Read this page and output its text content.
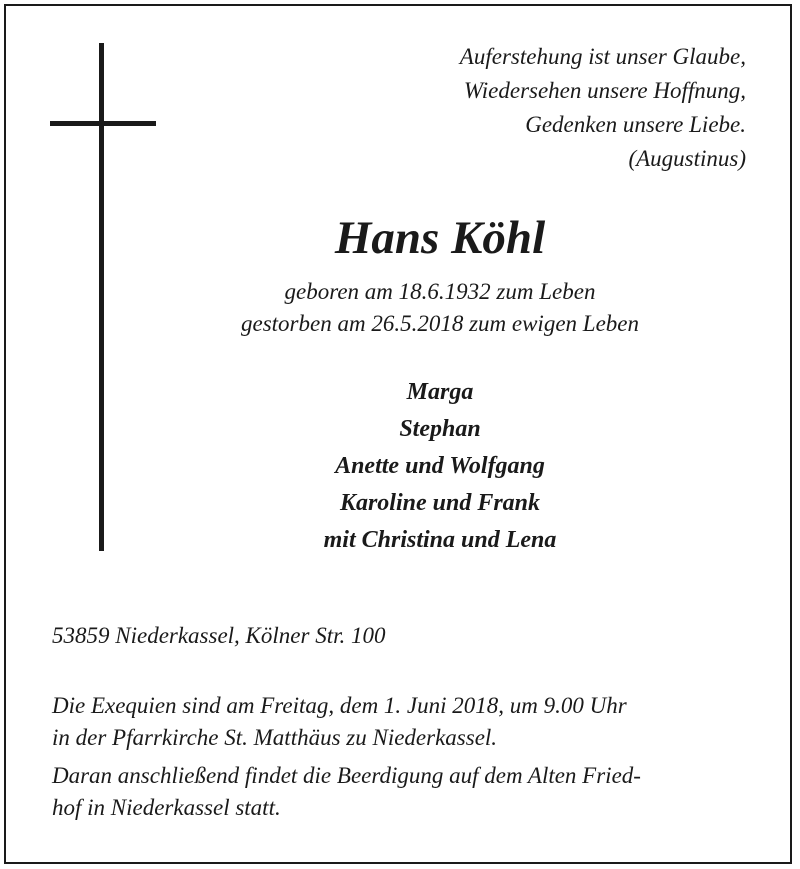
Auferstehung ist unser Glaube,
Wiedersehen unsere Hoffnung,
Gedenken unsere Liebe.
(Augustinus)
Hans Köhl
geboren am 18.6.1932 zum Leben
gestorben am 26.5.2018 zum ewigen Leben
Marga
Stephan
Anette und Wolfgang
Karoline und Frank
mit Christina und Lena
53859 Niederkassel, Kölner Str. 100

Die Exequien sind am Freitag, dem 1. Juni 2018, um 9.00 Uhr
in der Pfarrkirche St. Matthäus zu Niederkassel.

Daran anschließend findet die Beerdigung auf dem Alten Fried-
hof in Niederkassel statt.
